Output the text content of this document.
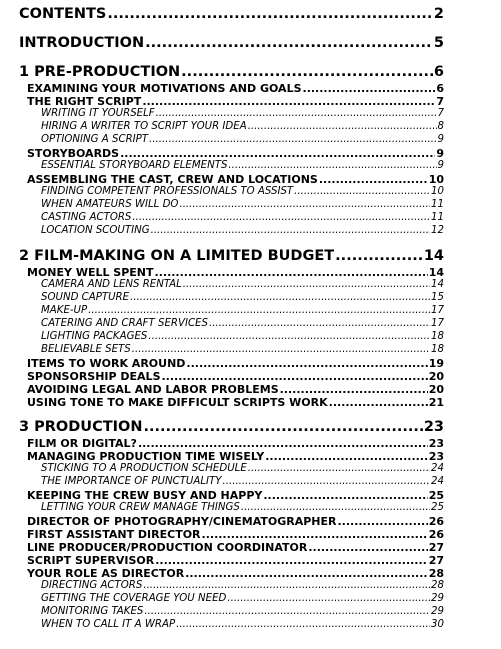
CONTENTS .....	2
INTRODUCTION .....	5
1 PRE-PRODUCTION .....	6
EXAMINING YOUR MOTIVATIONS AND GOALS .....	6
THE RIGHT SCRIPT .....	7
WRITING IT YOURSELF .....	7
HIRING A WRITER TO SCRIPT YOUR IDEA .....	8
OPTIONING A SCRIPT .....	9
STORYBOARDS .....	9
ESSENTIAL STORYBOARD ELEMENTS .....	9
ASSEMBLING THE CAST, CREW AND LOCATIONS .....	10
FINDING COMPETENT PROFESSIONALS TO ASSIST .....	10
WHEN AMATEURS WILL DO .....	11
CASTING ACTORS .....	11
LOCATION SCOUTING .....	12
2 FILM-MAKING ON A LIMITED BUDGET .....	14
MONEY WELL SPENT .....	14
CAMERA AND LENS RENTAL .....	14
SOUND CAPTURE .....	15
MAKE-UP .....	17
CATERING AND CRAFT SERVICES .....	17
LIGHTING PACKAGES .....	18
BELIEVABLE SETS .....	18
ITEMS TO WORK AROUND .....	19
SPONSORSHIP DEALS .....	20
AVOIDING LEGAL AND LABOR PROBLEMS .....	20
USING TONE TO MAKE DIFFICULT SCRIPTS WORK .....	21
3 PRODUCTION .....	23
FILM OR DIGITAL? .....	23
MANAGING PRODUCTION TIME WISELY .....	23
STICKING TO A PRODUCTION SCHEDULE .....	24
THE IMPORTANCE OF PUNCTUALITY .....	24
KEEPING THE CREW BUSY AND HAPPY .....	25
LETTING YOUR CREW MANAGE THINGS .....	25
DIRECTOR OF PHOTOGRAPHY/CINEMATOGRAPHER .....	26
FIRST ASSISTANT DIRECTOR .....	26
LINE PRODUCER/PRODUCTION COORDINATOR .....	27
SCRIPT SUPERVISOR .....	27
YOUR ROLE AS DIRECTOR .....	28
DIRECTING ACTORS .....	28
GETTING THE COVERAGE YOU NEED .....	29
MONITORING TAKES .....	29
WHEN TO CALL IT A WRAP .....	30
